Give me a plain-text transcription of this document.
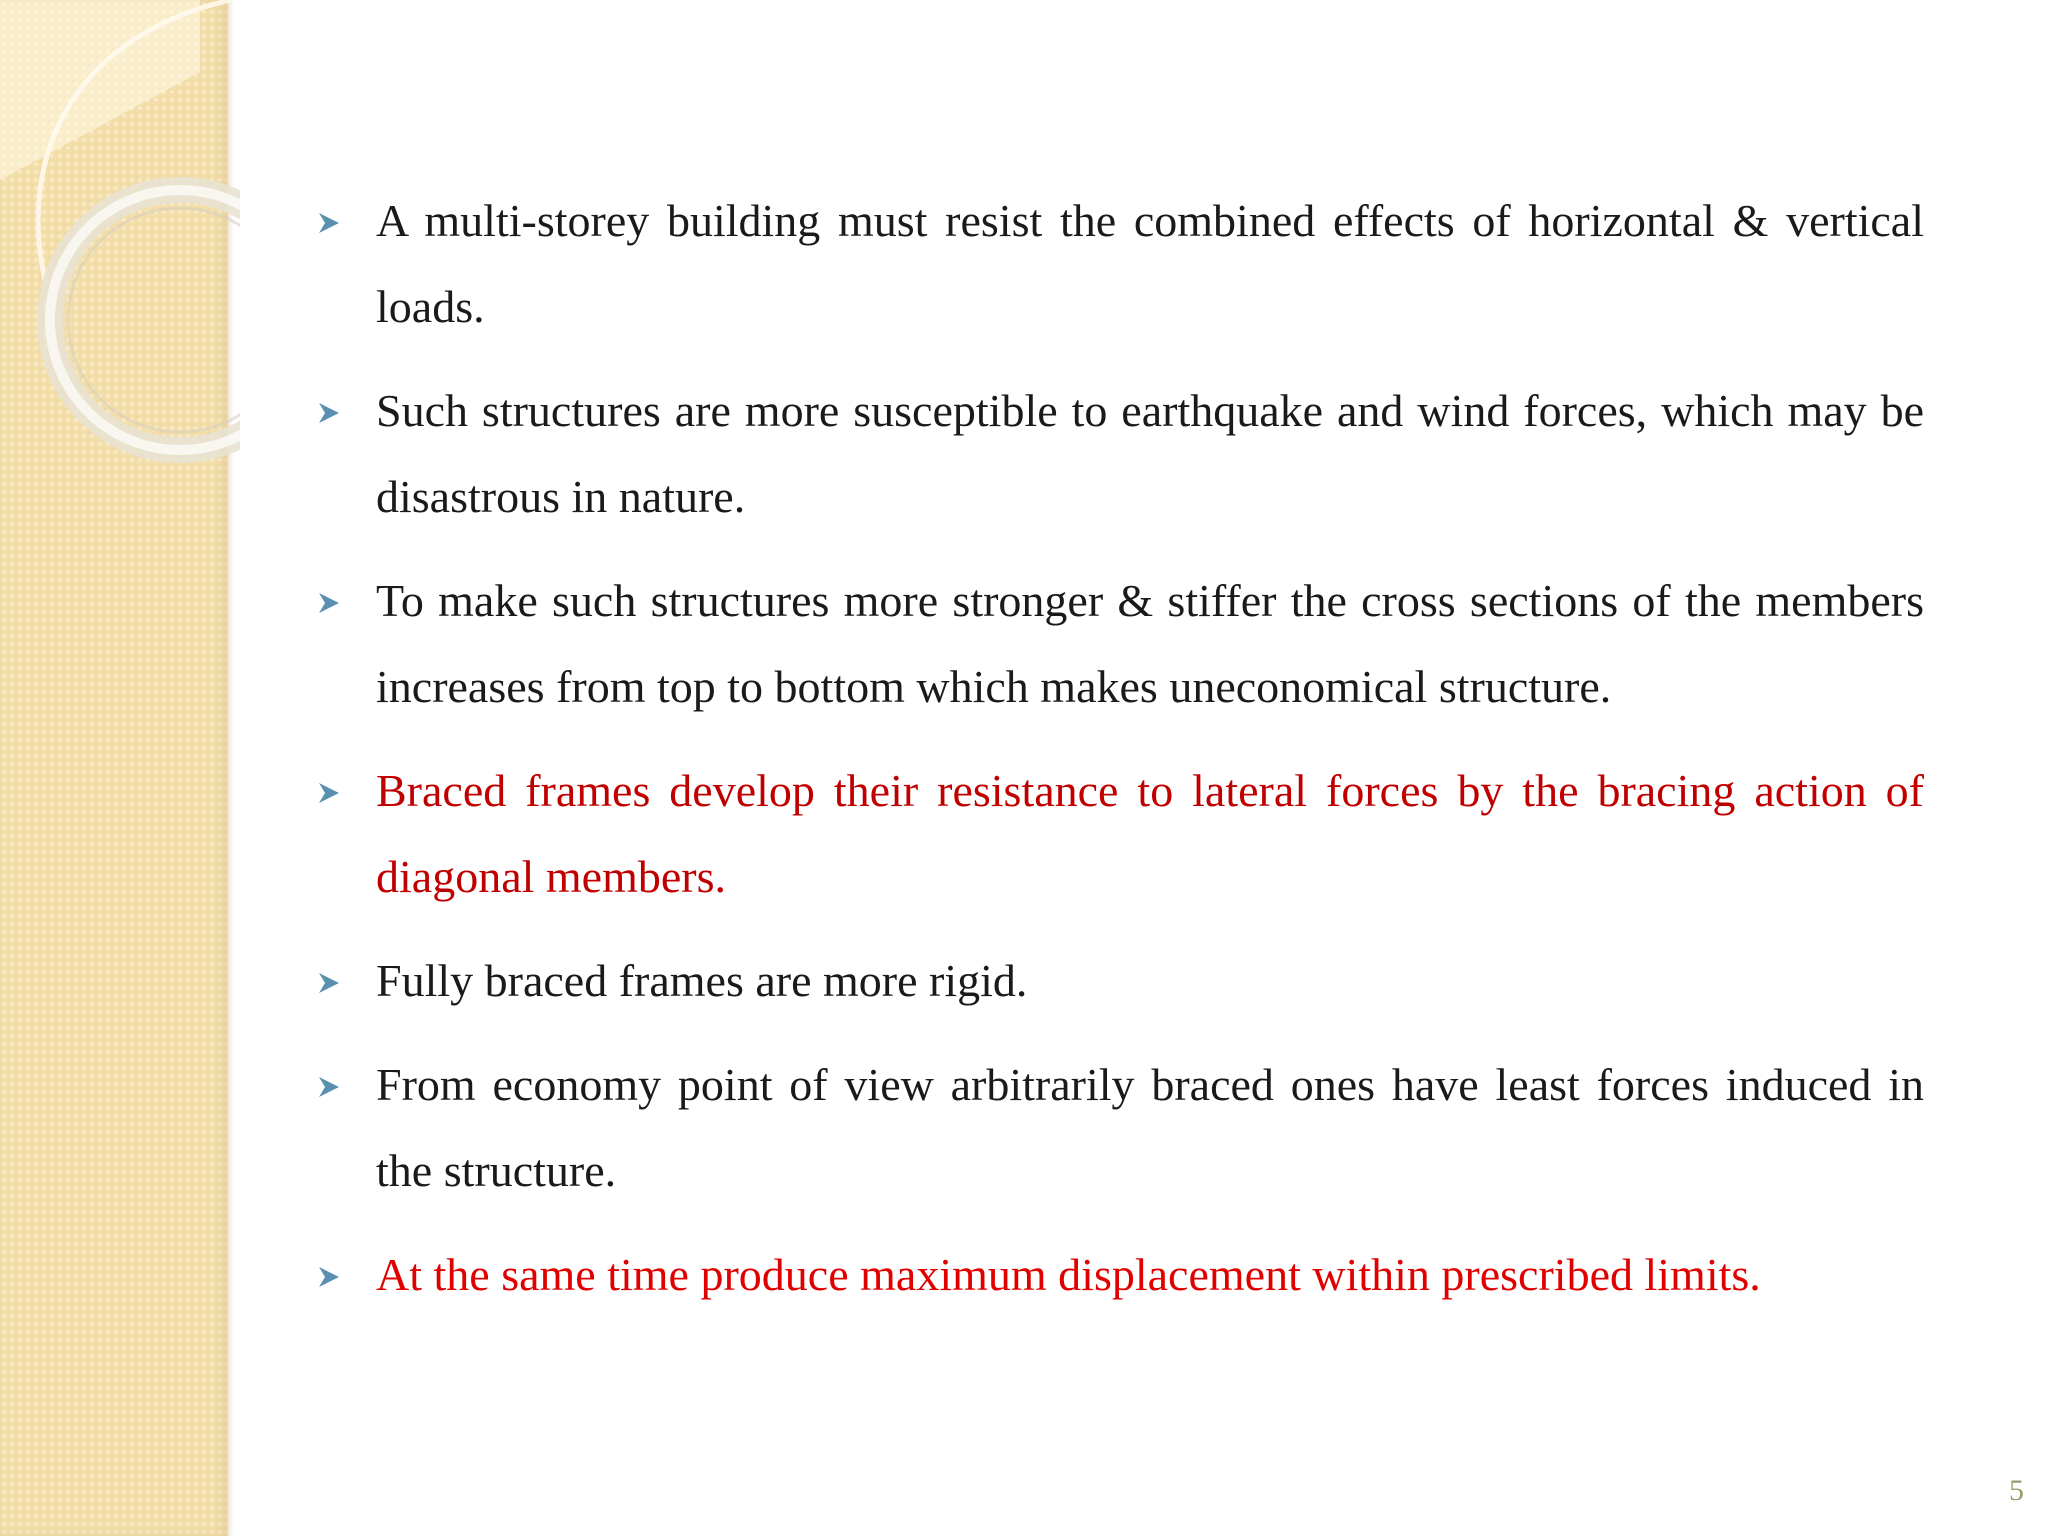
A multi-storey building must resist the combined effects of horizontal & vertical loads.
Such structures are more susceptible to earthquake and wind forces, which may be disastrous in nature.
To make such structures more stronger & stiffer the cross sections of the members increases from top to bottom which makes uneconomical structure.
Braced frames develop their resistance to lateral forces by the bracing action of diagonal members.
Fully braced frames are more rigid.
From economy point of view arbitrarily braced ones have least forces induced in the structure.
At the same time produce maximum displacement within prescribed limits.
5
